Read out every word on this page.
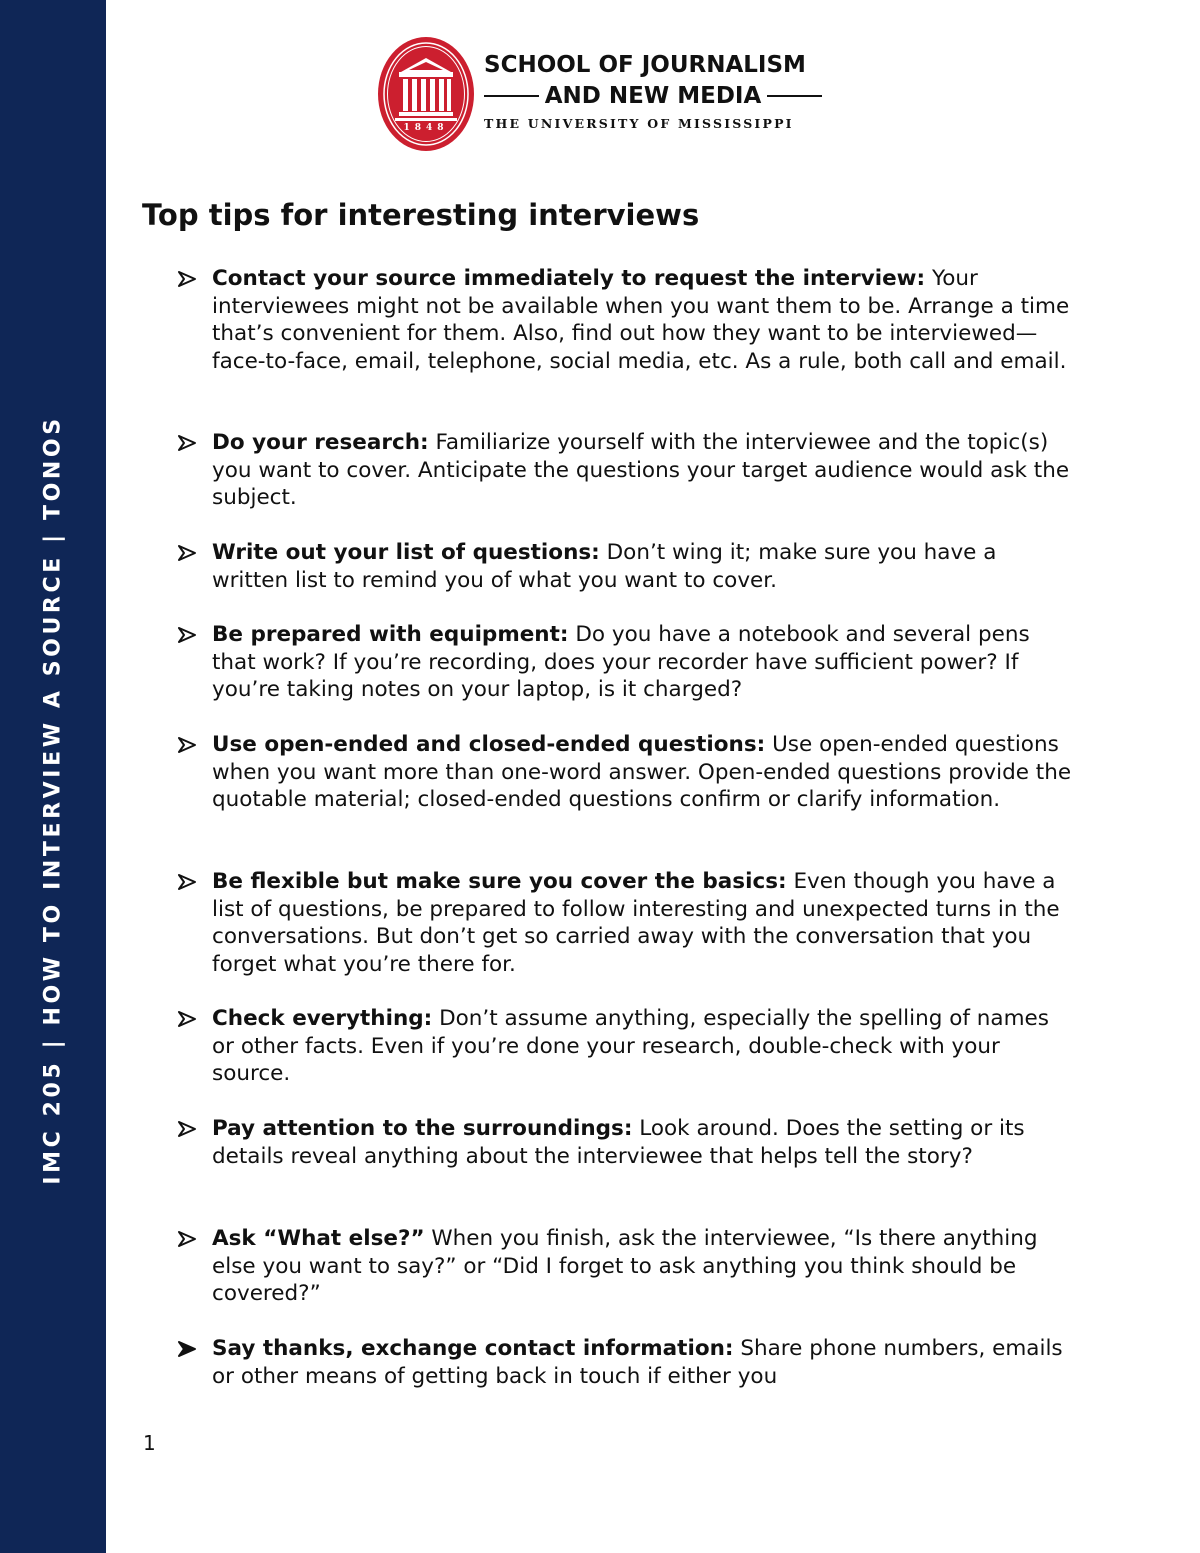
IMC 205 | HOW TO INTERVIEW A SOURCE | TONOS
1848
SCHOOL OF JOURNALISM
AND NEW MEDIA
THE UNIVERSITY OF MISSISSIPPI
Top tips for interesting interviews
Contact your source immediately to request the interview: Your interviewees might not be available when you want them to be. Arrange a time that’s convenient for them. Also, find out how they want to be interviewed—face-to-face, email, telephone, social media, etc. As a rule, both call and email.
Do your research: Familiarize yourself with the interviewee and the topic(s) you want to cover. Anticipate the questions your target audience would ask the subject.
Write out your list of questions: Don’t wing it; make sure you have a written list to remind you of what you want to cover.
Be prepared with equipment: Do you have a notebook and several pens that work? If you’re recording, does your recorder have sufficient power? If you’re taking notes on your laptop, is it charged?
Use open-ended and closed-ended questions: Use open-ended questions when you want more than one-word answer. Open-ended questions provide the quotable material; closed-ended questions confirm or clarify information.
Be flexible but make sure you cover the basics: Even though you have a list of questions, be prepared to follow interesting and unexpected turns in the conversations. But don’t get so carried away with the conversation that you forget what you’re there for.
Check everything: Don’t assume anything, especially the spelling of names or other facts. Even if you’re done your research, double-check with your source.
Pay attention to the surroundings: Look around. Does the setting or its details reveal anything about the interviewee that helps tell the story?
Ask “What else?” When you finish, ask the interviewee, “Is there anything else you want to say?” or “Did I forget to ask anything you think should be covered?”
Say thanks, exchange contact information: Share phone numbers, emails or other means of getting back in touch if either you
1
